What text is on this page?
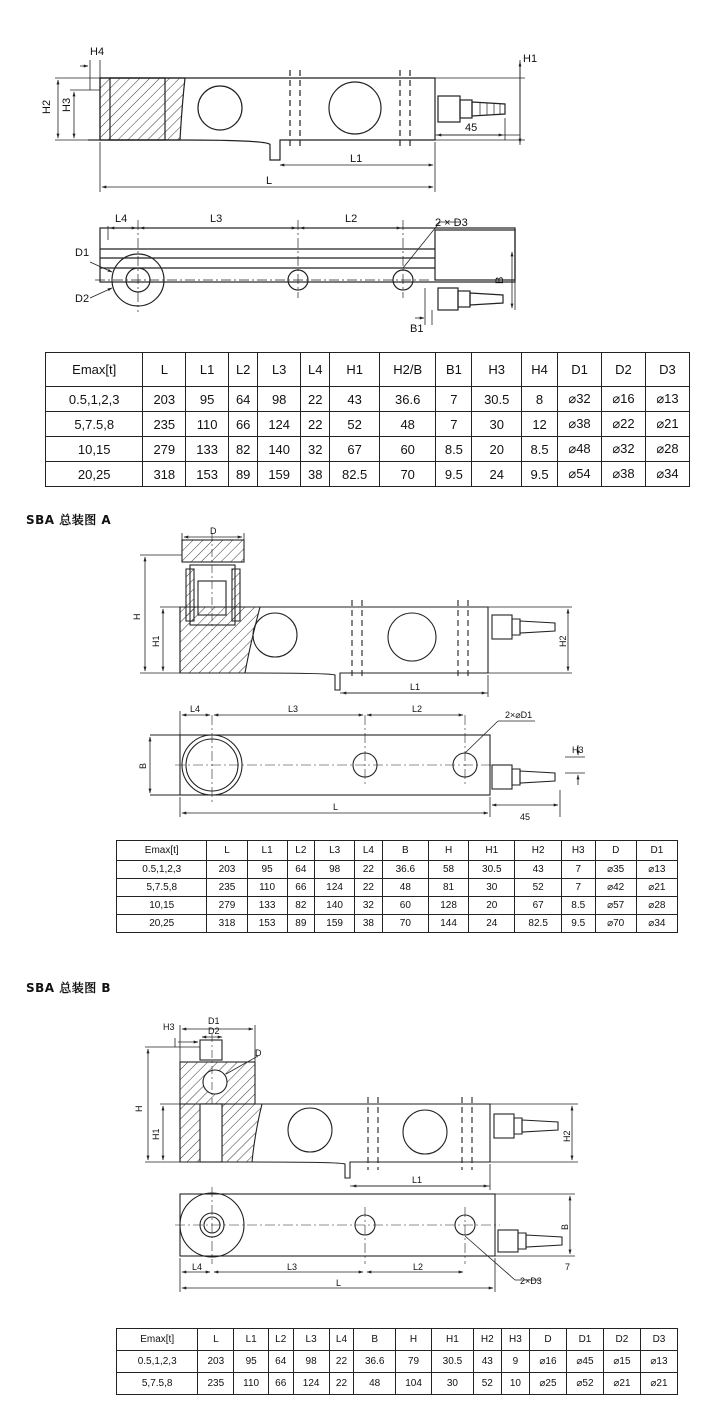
H4
H1
H2 H3
L1
L
45
L4	L3	L2	2 × D3
D1
D2
B
B1
Emax[t]	L	L1	L2	L3	L4	H1	H2/B	B1	H3	H4	D1	D2	D3
0.5,1,2,3	203	95	64	98	22	43	36.6	7	30.5	8	⌀32	⌀16	⌀13
5,7.5,8	235	110	66	124	22	52	48	7	30	12	⌀38	⌀22	⌀21
10,15	279	133	82	140	32	67	60	8.5	20	8.5	⌀48	⌀32	⌀28
20,25	318	153	89	159	38	82.5	70	9.5	24	9.5	⌀54	⌀38	⌀34
SBA 总装图 A
D
H
H1	H2
L1
L4	L3	L2
2×⌀D1
B
H3
L
45
Emax[t]	L	L1	L2	L3	L4	B	H	H1	H2	H3	D	D1
0.5,1,2,3	203	95	64	98	22	36.6	58	30.5	43	7	⌀35	⌀13
5,7.5,8	235	110	66	124	22	48	81	30	52	7	⌀42	⌀21
10,15	279	133	82	140	32	60	128	20	67	8.5	⌀57	⌀28
20,25	318	153	89	159	38	70	144	24	82.5	9.5	⌀70	⌀34
SBA 总装图 B
H3
D1
D2
D
H
H1	H2
L1
B
7
L4	L3	L2
L	2×D3
Emax[t]	L	L1	L2	L3	L4	B	H	H1	H2	H3	D	D1	D2	D3
0.5,1,2,3	203	95	64	98	22	36.6	79	30.5	43	9	⌀16	⌀45	⌀15	⌀13
5,7.5,8	235	110	66	124	22	48	104	30	52	10	⌀25	⌀52	⌀21	⌀21
